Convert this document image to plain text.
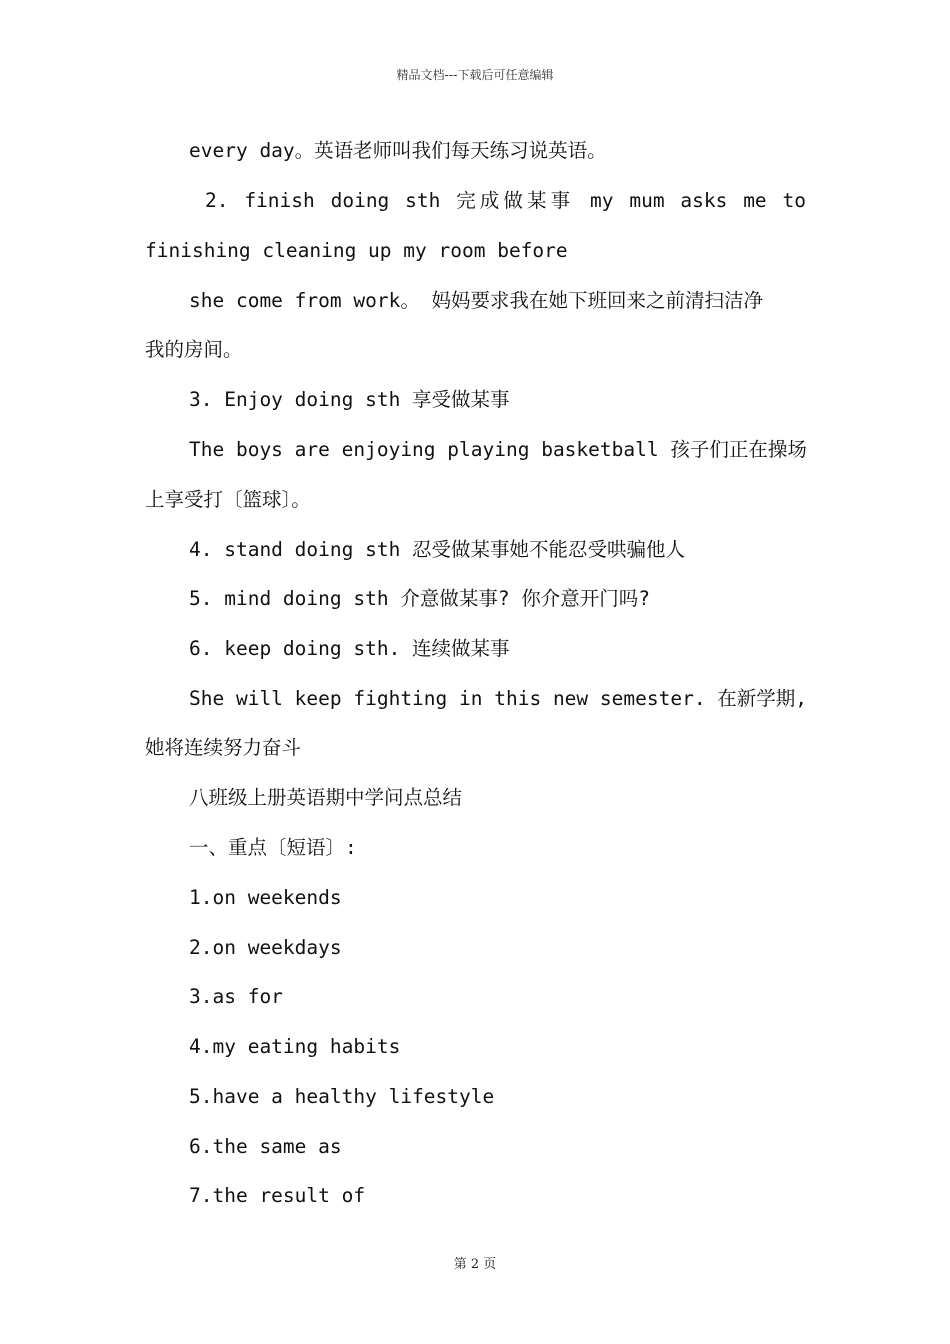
精品文档---下载后可任意编辑
every day。英语老师叫我们每天练习说英语。
2. finish doing sth 完成做某事 my mum asks me to
finishing cleaning up my room before
she come from work。 妈妈要求我在她下班回来之前清扫洁净
我的房间。
3. Enjoy doing sth 享受做某事
The boys are enjoying playing basketball 孩子们正在操场
上享受打〔篮球〕。
4. stand doing sth 忍受做某事她不能忍受哄骗他人
5. mind doing sth 介意做某事? 你介意开门吗?
6. keep doing sth. 连续做某事
She will keep fighting in this new semester. 在新学期,
她将连续努力奋斗
八班级上册英语期中学问点总结
一、重点〔短语〕:
1.on weekends
2.on weekdays
3.as for
4.my eating habits
5.have a healthy lifestyle
6.the same as
7.the result of
第 2 页
